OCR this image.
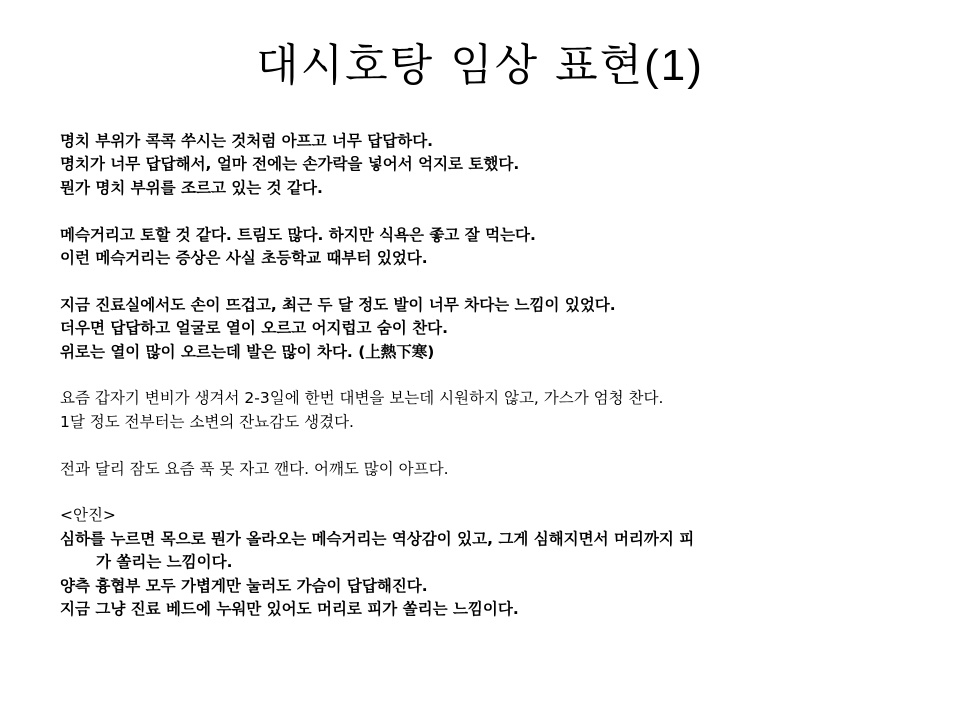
대시호탕 임상 표현(1)
명치 부위가 콕콕 쑤시는 것처럼 아프고 너무 답답하다.
명치가 너무 답답해서, 얼마 전에는 손가락을 넣어서 억지로 토했다.
뭔가 명치 부위를 조르고 있는 것 같다.
메슥거리고 토할 것 같다. 트림도 많다. 하지만 식욕은 좋고 잘 먹는다.
이런 메슥거리는 증상은 사실 초등학교 때부터 있었다.
지금 진료실에서도 손이 뜨겁고, 최근 두 달 정도 발이 너무 차다는 느낌이 있었다.
더우면 답답하고 얼굴로 열이 오르고 어지럽고 숨이 찬다.
위로는 열이 많이 오르는데 발은 많이 차다. (上熱下寒)
요즘 갑자기 변비가 생겨서 2-3일에 한번 대변을 보는데 시원하지 않고, 가스가 엄청 찬다.
1달 정도 전부터는 소변의 잔뇨감도 생겼다.
전과 달리 잠도 요즘 푹 못 자고 깬다. 어깨도 많이 아프다.
<안진>
심하를 누르면 목으로 뭔가 올라오는 메슥거리는 역상감이 있고, 그게 심해지면서 머리까지 피
가 쏠리는 느낌이다.
양측 흉협부 모두 가볍게만 눌러도 가슴이 답답해진다.
지금 그냥 진료 베드에 누워만 있어도 머리로 피가 쏠리는 느낌이다.
